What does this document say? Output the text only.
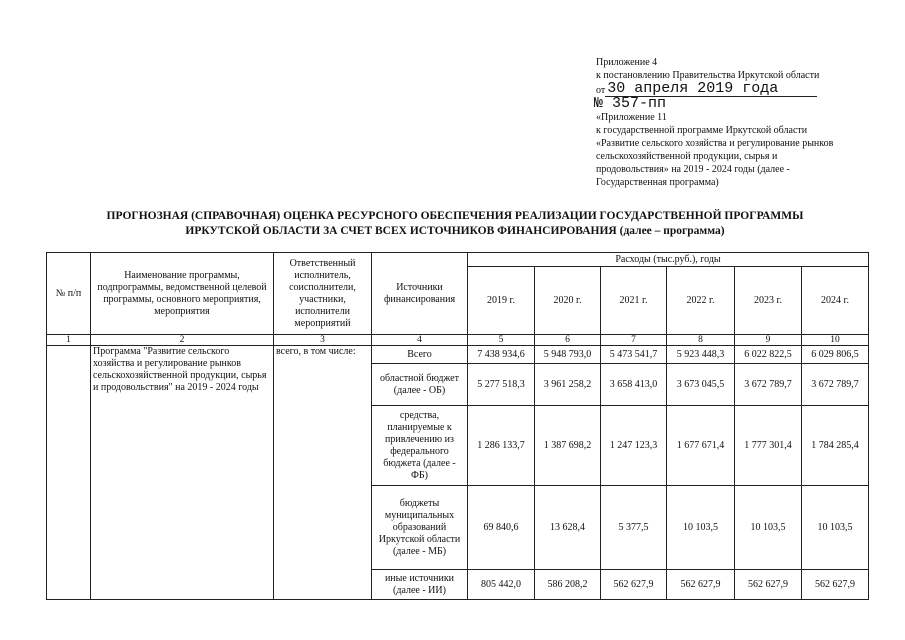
Приложение 4
к постановлению Правительства Иркутской области
от 30 апреля 2019 года
№ 357-пп
«Приложение 11
к государственной программе Иркутской области
«Развитие сельского хозяйства и регулирование рынков
сельскохозяйственной продукции, сырья и
продовольствия» на 2019 - 2024 годы (далее -
Государственная программа)
ПРОГНОЗНАЯ (СПРАВОЧНАЯ) ОЦЕНКА РЕСУРСНОГО ОБЕСПЕЧЕНИЯ РЕАЛИЗАЦИИ ГОСУДАРСТВЕННОЙ ПРОГРАММЫ
ИРКУТСКОЙ ОБЛАСТИ ЗА СЧЕТ ВСЕХ ИСТОЧНИКОВ ФИНАНСИРОВАНИЯ (далее – программа)
№ п/п	Наименование программы, подпрограммы, ведомственной целевой программы, основного мероприятия, мероприятия	Ответственный исполнитель, соисполнители, участники, исполнители мероприятий	Источники финансирования	Расходы (тыс.руб.), годы					
				2019 г.	2020 г.	2021 г.	2022 г.	2023 г.	2024 г.
1	2	3	4	5	6	7	8	9	10
	Программа "Развитие сельского хозяйства и регулирование рынков сельскохозяйственной продукции, сырья и продовольствия" на 2019 - 2024 годы	всего, в том числе:	Всего	7 438 934,6	5 948 793,0	5 473 541,7	5 923 448,3	6 022 822,5	6 029 806,5
			областной бюджет (далее - ОБ)	5 277 518,3	3 961 258,2	3 658 413,0	3 673 045,5	3 672 789,7	3 672 789,7
			средства, планируемые к привлечению из федерального бюджета (далее - ФБ)	1 286 133,7	1 387 698,2	1 247 123,3	1 677 671,4	1 777 301,4	1 784 285,4
			бюджеты муниципальных образований Иркутской области (далее - МБ)	69 840,6	13 628,4	5 377,5	10 103,5	10 103,5	10 103,5
			иные источники (далее - ИИ)	805 442,0	586 208,2	562 627,9	562 627,9	562 627,9	562 627,9
